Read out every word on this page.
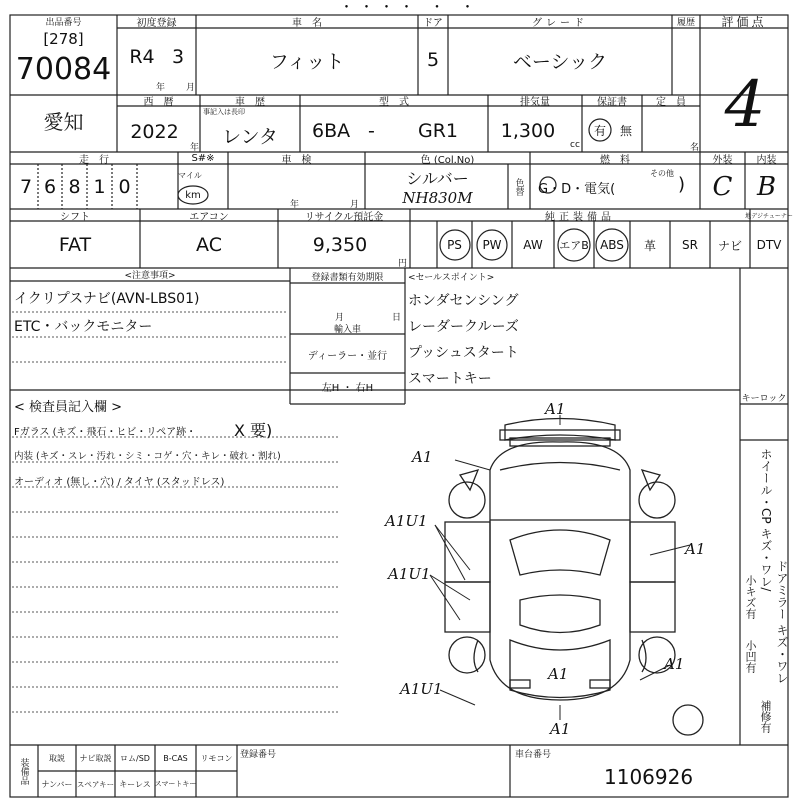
・・・・ ・ ・
出品番号
[278]
70084
初度登録
R4 3
年 月
車　名
フィット
ドア
5
グレード
ベーシック
履歴	評価点
4
愛知
西　暦
2022
年
車　歴
事記入は長印
レンタ
型　式
6BA - GR1
排気量
1,300
cc
保証書
有	無
定　員
名
走　行
7 6 8 1 0
マイル
km
S#※	車　検
年	月
色 (Col.No)
シルバー
NH830M
色替
燃　料
G・D・電気(
その他
)
外装
C
内装
B
シフト
FAT
エアコン
AC
リサイクル預託金
9,350
円
純正装備品	地デジチューナー
PS	PW	AW	エアB ABS	革	SR	ナビ	DTV
<注意事項>
イクリプスナビ(AVN-LBS01)
ETC・バックモニター
登録書類有効期限
月	日
輸入車
ディーラー・並行
左H ・ 右H
<セールスポイント>
ホンダセンシング
レーダークルーズ
プッシュスタート
スマートキー
< 検査員記入欄 >
Fガラス (キズ・飛石・ヒビ・リペア跡・ X 要)
内装 (キズ・スレ・汚れ・シミ・コゲ・穴・キレ・破れ・割れ)
オーディオ (無し・穴) / タイヤ (スタッドレス)
キーロック
ホイール・CP キズ・ワレ/
ドアミラー キズ・ワレ
小キズ有
小凹有
補修有
A1
A1
A1
A1
A1
A1
A1U1
A1U1
A1U1
装備品	取説	ナビ取説	ロム/SD	B-CAS	リモコン
ナンバー スペアキー キーレス スマートキー
登録番号	車台番号
1106926
